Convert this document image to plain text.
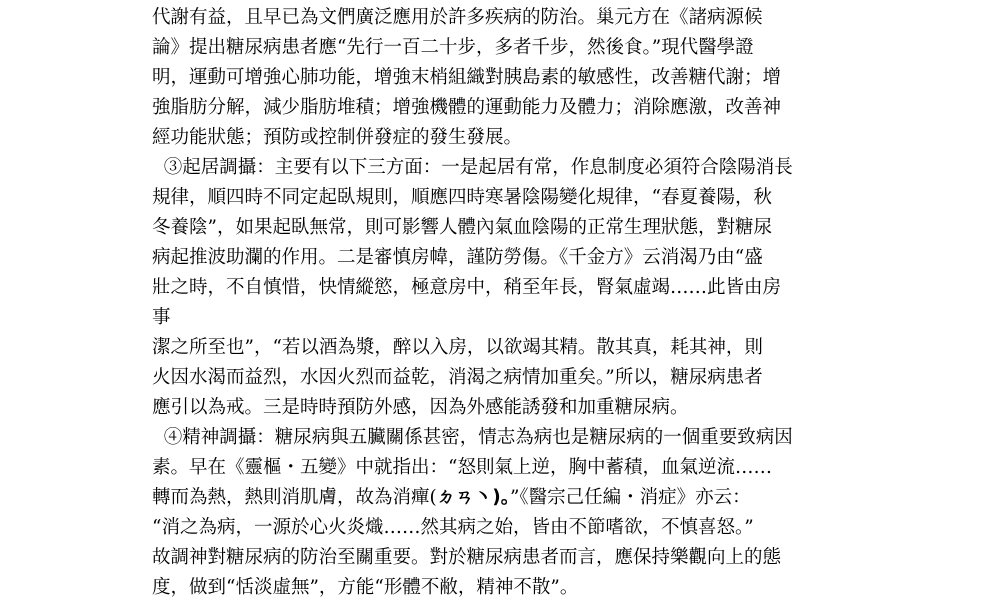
代謝有益，且早已為文們廣泛應用於許多疾病的防治。巢元方在《諸病源候
論》提出糖尿病患者應“先行一百二十步，多者千步，然後食。”現代醫學證
明，運動可增強心肺功能，增強末梢組織對胰島素的敏感性，改善糖代謝；增
強脂肪分解，減少脂肪堆積；增強機體的運動能力及體力；消除應激，改善神
經功能狀態；預防或控制併發症的發生發展。
③起居調攝：主要有以下三方面：一是起居有常，作息制度必須符合陰陽消長
規律，順四時不同定起臥規則，順應四時寒暑陰陽變化規律，“春夏養陽，秋
冬養陰”，如果起臥無常，則可影響人體內氣血陰陽的正常生理狀態，對糖尿
病起推波助瀾的作用。二是審慎房幃，謹防勞傷。《千金方》云消渴乃由“盛
壯之時，不自慎惜，快情縱慾，極意房中，稍至年長，腎氣虛竭……此皆由房
事
潔之所至也”，“若以酒為漿，醉以入房，以欲竭其精。散其真，耗其神，則
火因水渴而益烈，水因火烈而益乾，消渴之病情加重矣。”所以，糖尿病患者
應引以為戒。三是時時預防外感，因為外感能誘發和加重糖尿病。
④精神調攝：糖尿病與五臟關係甚密，情志為病也是糖尿病的一個重要致病因
素。早在《靈樞・五變》中就指出：“怒則氣上逆，胸中蓄積，血氣逆流……
轉而為熱，熱則消肌膚，故為消癉(ㄉㄢ丶)。”《醫宗己任編・消症》亦云：
“消之為病，一源於心火炎熾……然其病之始，皆由不節嗜欲，不慎喜怒。”
故調神對糖尿病的防治至關重要。對於糖尿病患者而言，應保持樂觀向上的態
度，做到“恬淡虛無”，方能“形體不敝，精神不散”。
